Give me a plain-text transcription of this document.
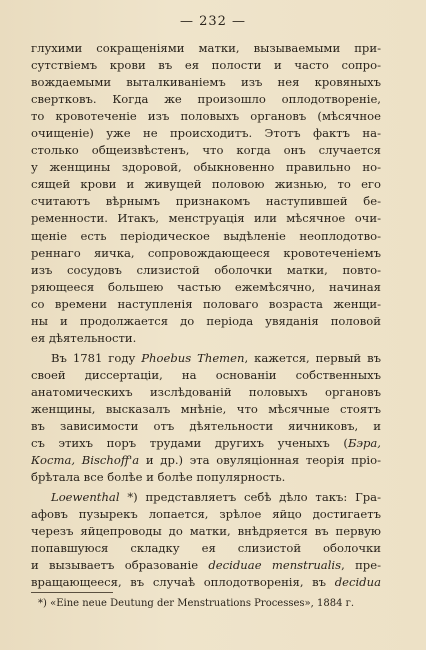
— 232 —
глухими сокращеніями матки, вызываемыми при-
сутствіемъ крови въ ея полости и часто сопро-
вождаемыми выталкиваніемъ изъ нея кровяныхъ
свертковъ. Когда же произошло оплодотвореніе,
то кровотеченіе изъ половыхъ органовъ (мѣсячное
очищеніе) уже не происходитъ. Этотъ фактъ на-
столько общеизвѣстенъ, что когда онъ случается
у женщины здоровой, обыкновенно правильно но-
сящей крови и живущей половою жизнью, то его
считаютъ вѣрнымъ признакомъ наступившей бе-
ременности. Итакъ, менструація или мѣсячное очи-
щеніе есть періодическое выдѣленіе неоплодотво-
реннаго яичка, сопровождающееся кровотеченіемъ
изъ сосудовъ слизистой оболочки матки, повто-
ряющееся большею частью ежемѣсячно, начиная
со времени наступленія половаго возраста женщи-
ны и продолжается до періода увяданія половой
ея дѣятельности.
Въ 1781 году Phoebus Themen, кажется, первый въ
своей диссертаціи, на основаніи собственныхъ
анатомическихъ изслѣдованій половыхъ органовъ
женщины, высказалъ мнѣніе, что мѣсячные стоятъ
въ зависимости отъ дѣятельности яичниковъ, и
съ этихъ поръ трудами другихъ ученыхъ (Бэра,
Коста, Bischoff'a и др.) эта овуляціонная теорія пріо-
брѣтала все болѣе и болѣе популярность.
Loewenthal *) представляетъ себѣ дѣло такъ: Гра-
афовъ пузырекъ лопается, зрѣлое яйцо достигаетъ
черезъ яйцепроводы до матки, внѣдряется въ первую
попавшуюся складку ея слизистой оболочки
и вызываетъ образованіе deciduae menstrualis, пре-
вращающееся, въ случаѣ оплодотворенія, въ decidua
*) «Eine neue Deutung der Menstruations Processes», 1884 г.
